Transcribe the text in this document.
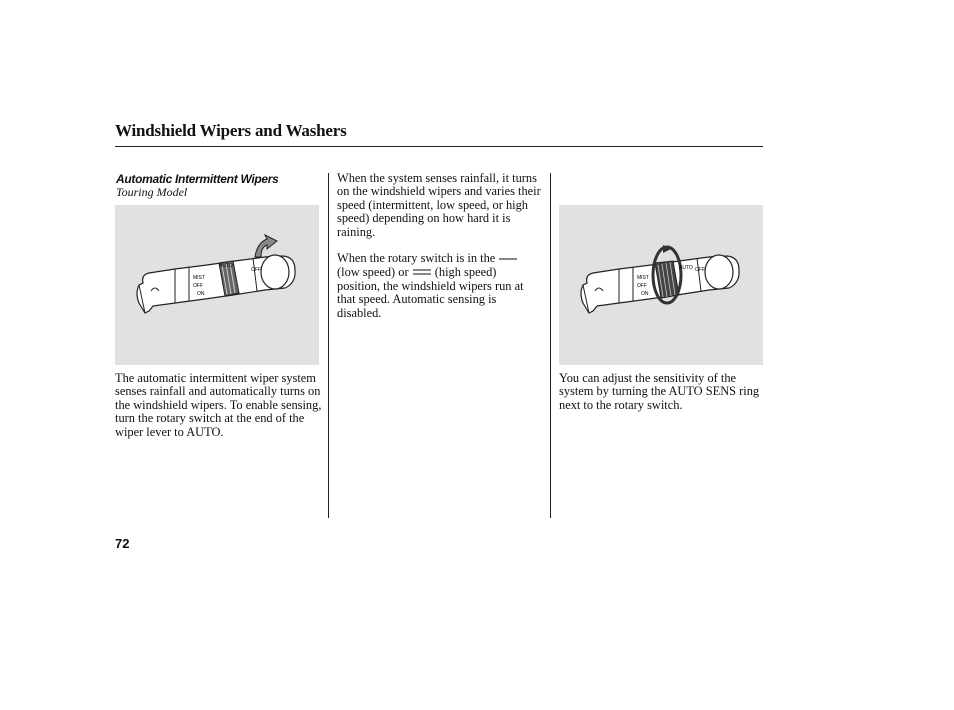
Windshield Wipers and Washers
Automatic Intermittent Wipers
Touring Model
MIST
OFF
ON
AUTO
OFF
The automatic intermittent wiper system senses rainfall and automatically turns on the windshield wipers. To enable sensing, turn the rotary switch at the end of the wiper lever to AUTO.
When the system senses rainfall, it turns on the windshield wipers and varies their speed (intermittent, low speed, or high speed) depending on how hard it is raining.
When the rotary switch is in the  (low speed) or (high speed) position, the windshield wipers run at that speed. Automatic sensing is disabled.
MIST
OFF
ON
AUTO OFF
You can adjust the sensitivity of the system by turning the AUTO SENS ring next to the rotary switch.
72
